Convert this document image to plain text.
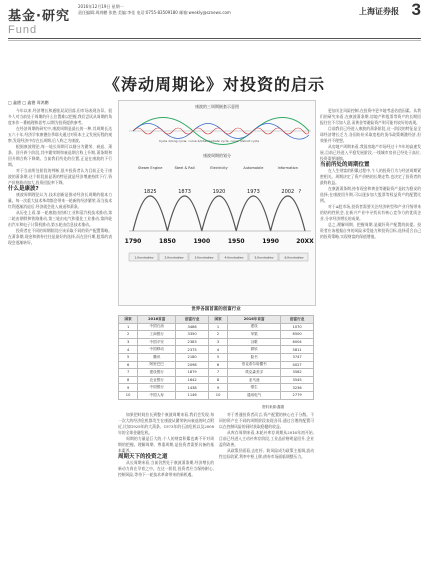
基金·研究
Fund
2016年12月19日 星期一
责任编辑:周鸿鹏 张艳 美编:李佳 电话:0755-83509180 邮箱:weekly@sznews.com	上海证券报 3
《涛动周期论》对投资的启示
□ 鑫德 □ 鑫德 周鸿鹏

今年以来,经济增长和通胀双双回落,但市场表现各异。很多人对当前处于周期的什么位置难以把握,我们尝试从周期的角度来作一番梳理和思考,以期为投资提供参考。

在经济周期的研究中,康波周期是最长的一种,其周期长达五六十年,经济学家康德拉季耶夫通过对资本主义发展历程的观察,发现经济中存在长周期,后人称之为康波。

根据康波理论,每一轮长周期可以细分为繁荣、衰退、萧条、回升四个阶段,其中繁荣期和衰退期合称上升期,萧条期和回升期合称下降期。当前我们所处的位置,正是在康波的下行期。

对于当前所处阶段的判断,很多投资者认为目前正处于康波的萧条期,这个阶段最显著的特征就是经济增速持续下行,资产价格波动加大,投资回报率下降。

什么是康波?

康波周期理论认为,技术创新是推动经济长周期的根本力量。每一次重大技术革命都会带来一轮新的经济繁荣,而当技术红利逐渐消退后,经济就会进入衰退和萧条。

从历史上看,第一轮康波由纺织工业和蒸汽机技术推动,第二轮由钢铁和铁路推动,第三轮由电气和重化工业推动,第四轮由汽车和电子计算机推动,第五轮由信息技术推动。

投资者在不同的周期阶段应该采取不同的资产配置策略。在萧条期,现金和债券往往是最好的选择,而在回升期,股票的表现会逐渐转好。

康波的三周期嵌套示意图
Cycle 1/long cycle, curve 2/intermediate cycle, curve 3/short cycle
康波周期的划分
Steam Engine	Steel & Rail	Electricity	Automobile	Information
1825	1873	1920	1973	2002 ?
1790	1850	1900	1950	1990	20XX
1.Kondratiev	2.Kondratiev	3.Kondratiev	4.Kondratiev	5.Kondratiev	6.Kondratiev
世界各国首富的创富行业
国家	2016首富	创富行业	国家	2016年首富	创富行业
1	中国石油	3486	1	建设	1070
2	工商银行	3350	2	苹果	6500
3	中国平安	2383	3	谷歌	6004
4	中国移动	2375	4	微软	5811
5	腾讯	2180	5	脸书	3747
6	阿里巴巴	2098	6	伯克希尔哈撒韦	4027
7	建设银行	1879	7	埃克森美孚	3582
8	农业银行	1642	8	亚马逊	3545
9	中国银行	1438	9	强生	3236
10	中国人寿	1146	10	通用电气	2779
资料来源:鑫德

如果把时间拉长到整个康波周期来看,我们会发现,每一次大的经济危机都发生在康波从繁荣转向衰退的时点附近,比如1929年的大萧条、1973年的石油危机以及2008年的全球金融危机。

周期的力量是巨大的,个人的财富积累也离不开对周期的把握。理解周期、尊重周期,是投资者需要具备的基本素养。

周期天下的投资之道

从长周期来看,当前仍然处于康波萧条期,经济增长的新动力尚在孕育之中。在这一阶段,投资者应当保持耐心,控制风险,等待下一轮技术革命带来的新机遇。

对于普通投资者而言,资产配置的核心在于分散。不同的资产在不同的周期阶段表现各异,通过合理的配置可以在控制风险的同时获取稳健的收益。

从库存周期来看,本轮补库存周期从2016年初开始,目前已经进入主动补库存阶段,工业品价格明显回升,企业盈利改善。

从政策层面看,去杠杆、防风险成为政策主基调,流动性边际收紧,利率中枢上移,债券市场面临调整压力。

更加关注风险控制,在投资中更多地考虑估值因素。从我们的研究来看,在康波萧条期,房地产和股票等资产的长期回报往往不尽如人意,而黄金等避险资产则可能有较好的表现。

目前我们已经进入康波的萧条阶段,这一阶段的特征是全球经济增长乏力,各国纷纷采取宽松的货币政策刺激经济,但效果并不理想。

从房地产周期来看,我国房地产市场经过十多年的高速发展,目前已经进入平稳发展阶段,一线城市房价已经处于高位,投资需要谨慎。

当前所处的周期位置

在人生财富的积累过程中,个人的投资行为与经济周期紧密相关。周期决定了资产价格的长期走势,也决定了投资者的最终收益。

在康波萧条期,持有现金和黄金等避险资产是较为稳妥的选择;在康波回升期,可以逐步加大股票等权益资产的配置比例。

对于A股市场,投资者需要关注经济转型和产业升级带来的结构性机会,在新兴产业中寻找具有核心竞争力的优质企业,分享经济增长的成果。

总之,理解周期、把握周期,是做好资产配置的前提。投资者应该根据自身的风险承受能力和投资目标,选择适合自己的投资策略,实现财富的保值增值。
